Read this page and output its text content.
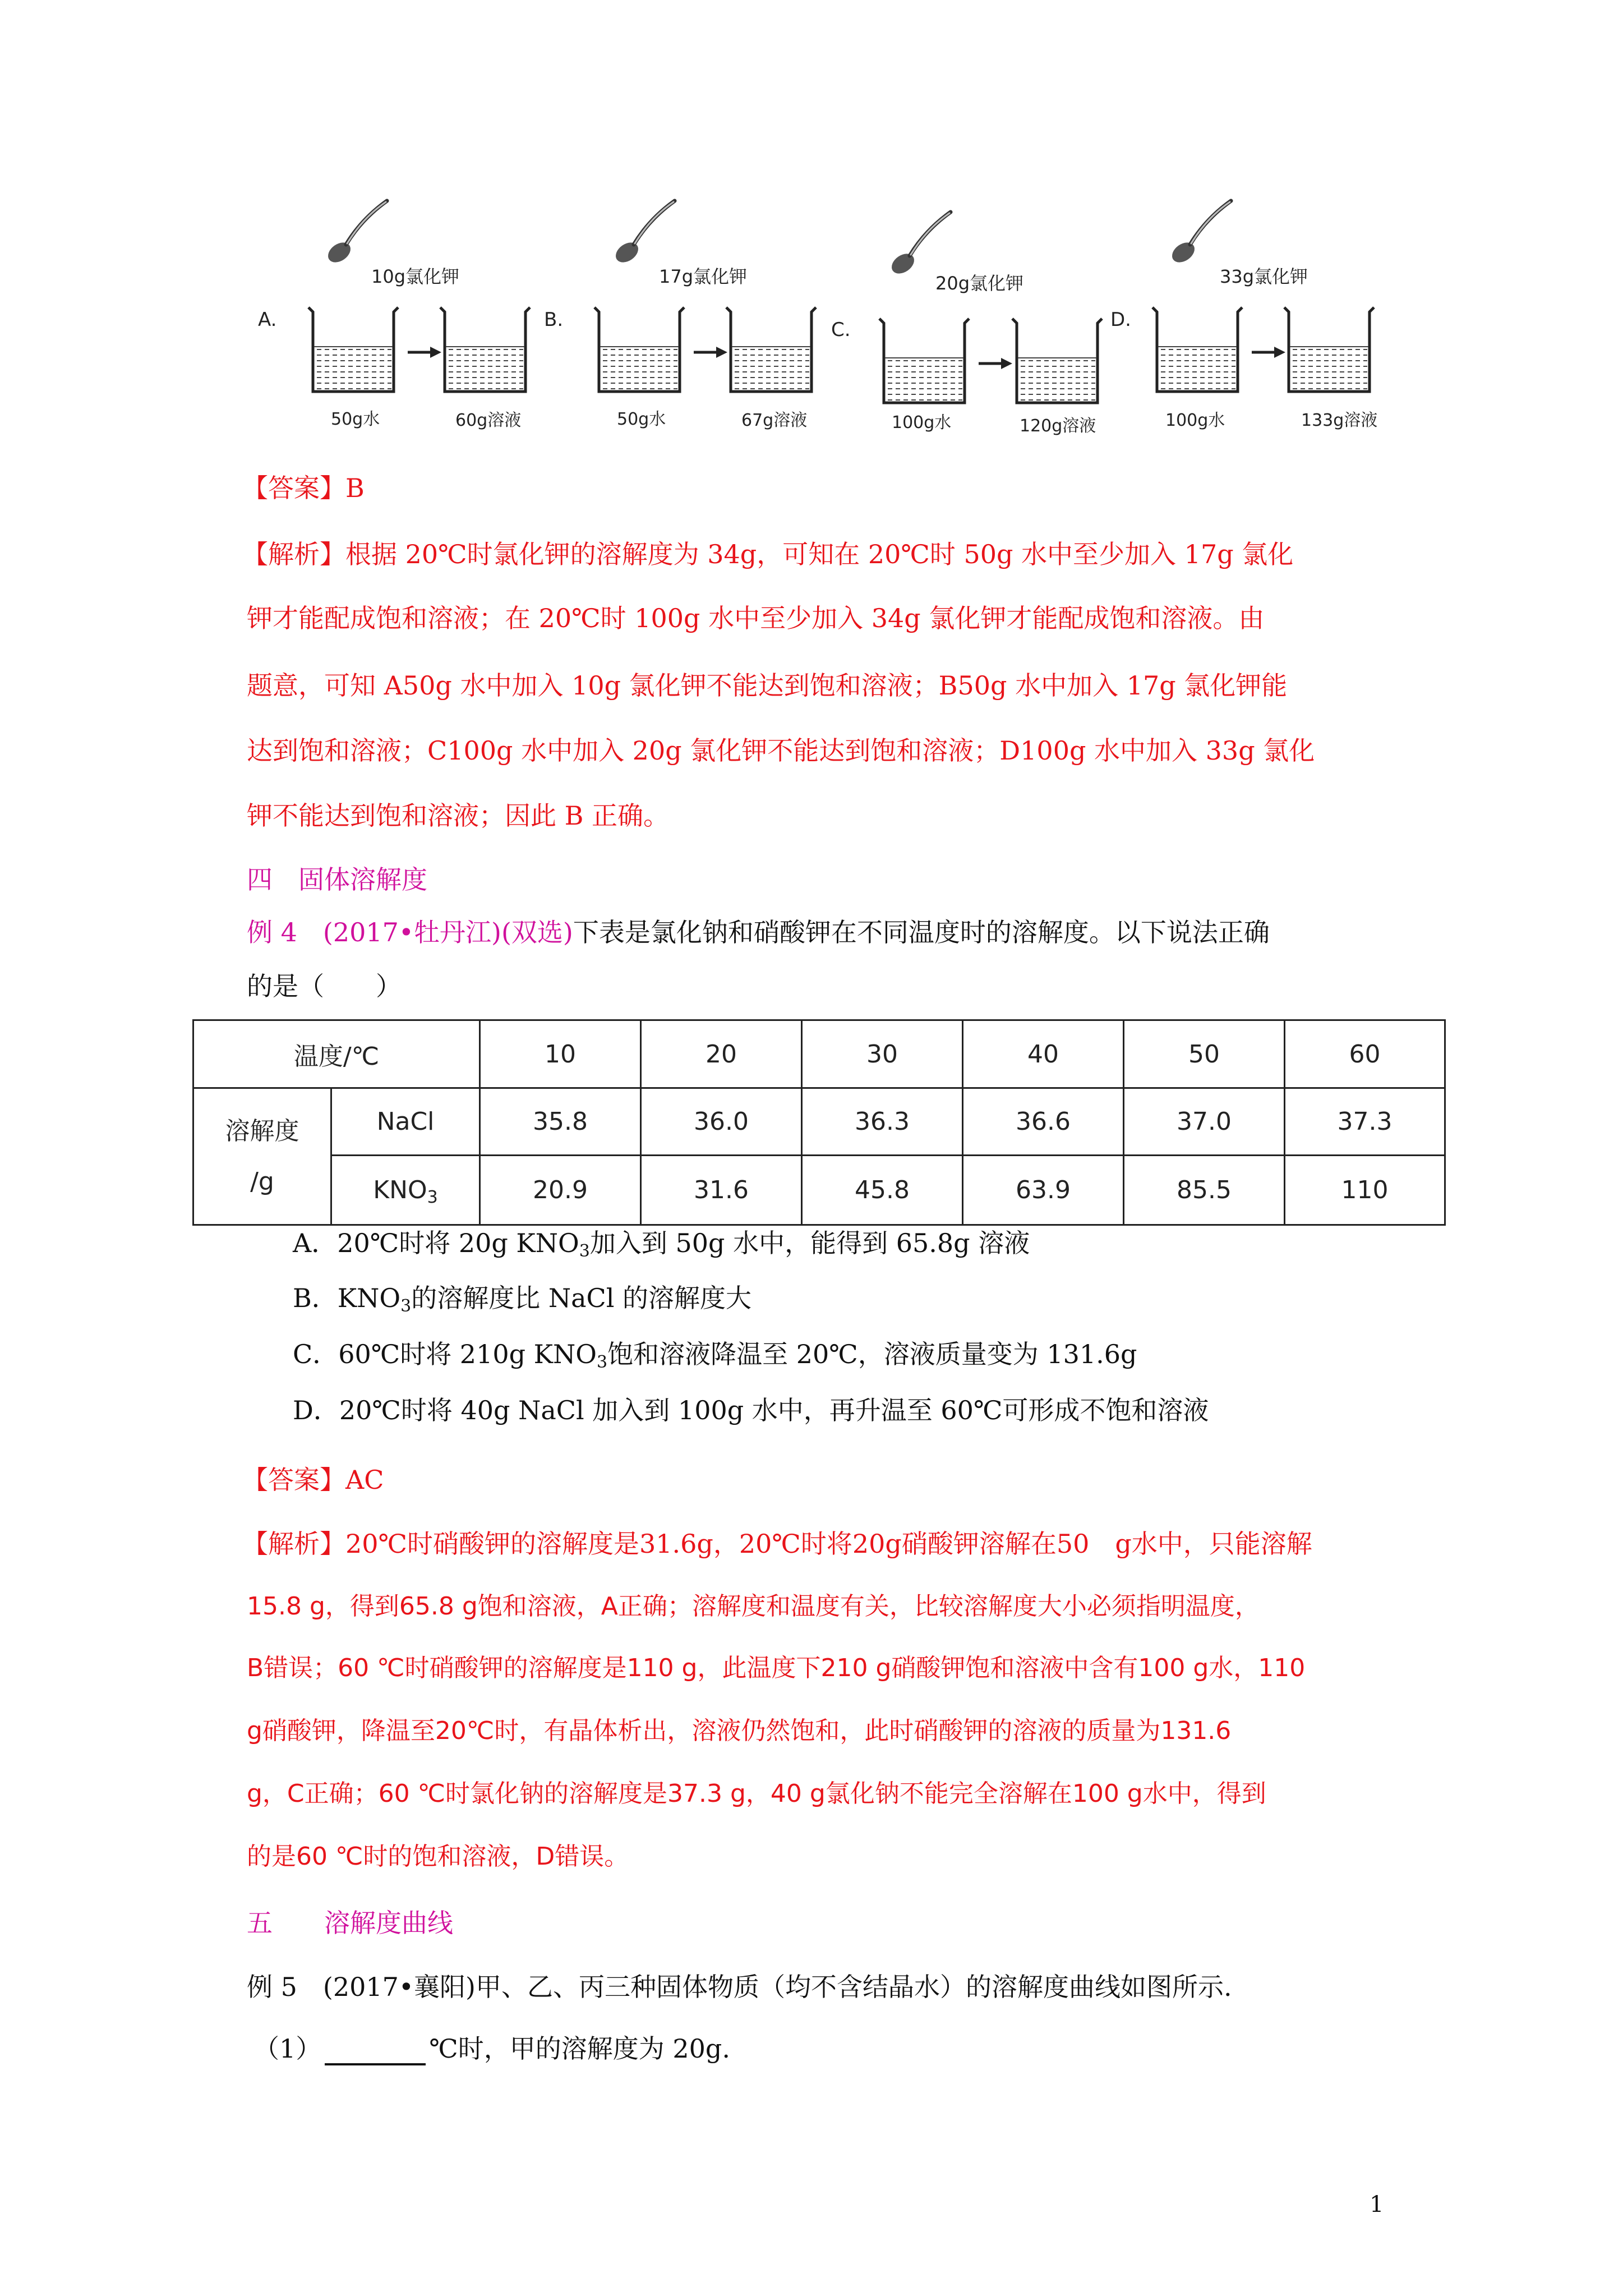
A.
10g氯化钾
50g水	60g溶液
B.
17g氯化钾
50g水	67g溶液
C.
20g氯化钾
100g水	120g溶液
D.
33g氯化钾
100g水	133g溶液
【答案】B
【解析】根据 20℃时氯化钾的溶解度为 34g，可知在 20℃时 50g 水中至少加入 17g 氯化
钾才能配成饱和溶液；在 20℃时 100g 水中至少加入 34g 氯化钾才能配成饱和溶液。由
题意，可知 A50g 水中加入 10g 氯化钾不能达到饱和溶液；B50g 水中加入 17g 氯化钾能
达到饱和溶液；C100g 水中加入 20g 氯化钾不能达到饱和溶液；D100g 水中加入 33g 氯化
钾不能达到饱和溶液；因此 B 正确。
四　固体溶解度
例 4　(2017•牡丹江)(双选)下表是氯化钠和硝酸钾在不同温度时的溶解度。以下说法正确
的是（　　）
温度/℃		10	20	30	40	50	60
溶解度
/g	NaCl	35.8	36.0	36.3	36.6	37.0	37.3
	$KNO_3$	20.9	31.6	45.8	63.9	85.5	110
A．20℃时将 20g $KNO_3$加入到 50g 水中，能得到 65.8g 溶液
B．$KNO_3$的溶解度比 NaCl 的溶解度大
C．60℃时将 210g $KNO_3$饱和溶液降温至 20℃，溶液质量变为 131.6g
D．20℃时将 40g NaCl 加入到 100g 水中，再升温至 60℃可形成不饱和溶液
【答案】AC
【解析】20℃时硝酸钾的溶解度是31.6g，20℃时将20g硝酸钾溶解在50　g水中，只能溶解
15.8 g，得到65.8 g饱和溶液，A正确；溶解度和温度有关，比较溶解度大小必须指明温度，
B错误；60 ℃时硝酸钾的溶解度是110 g，此温度下210 g硝酸钾饱和溶液中含有100 g水，110
g硝酸钾，降温至20℃时，有晶体析出，溶液仍然饱和，此时硝酸钾的溶液的质量为131.6
g，C正确；60 ℃时氯化钠的溶解度是37.3 g，40 g氯化钠不能完全溶解在100 g水中，得到
的是60 ℃时的饱和溶液，D错误。
五　　溶解度曲线
例 5　(2017•襄阳)甲、乙、丙三种固体物质（均不含结晶水）的溶解度曲线如图所示.
（1）	℃时，甲的溶解度为 20g.
1
